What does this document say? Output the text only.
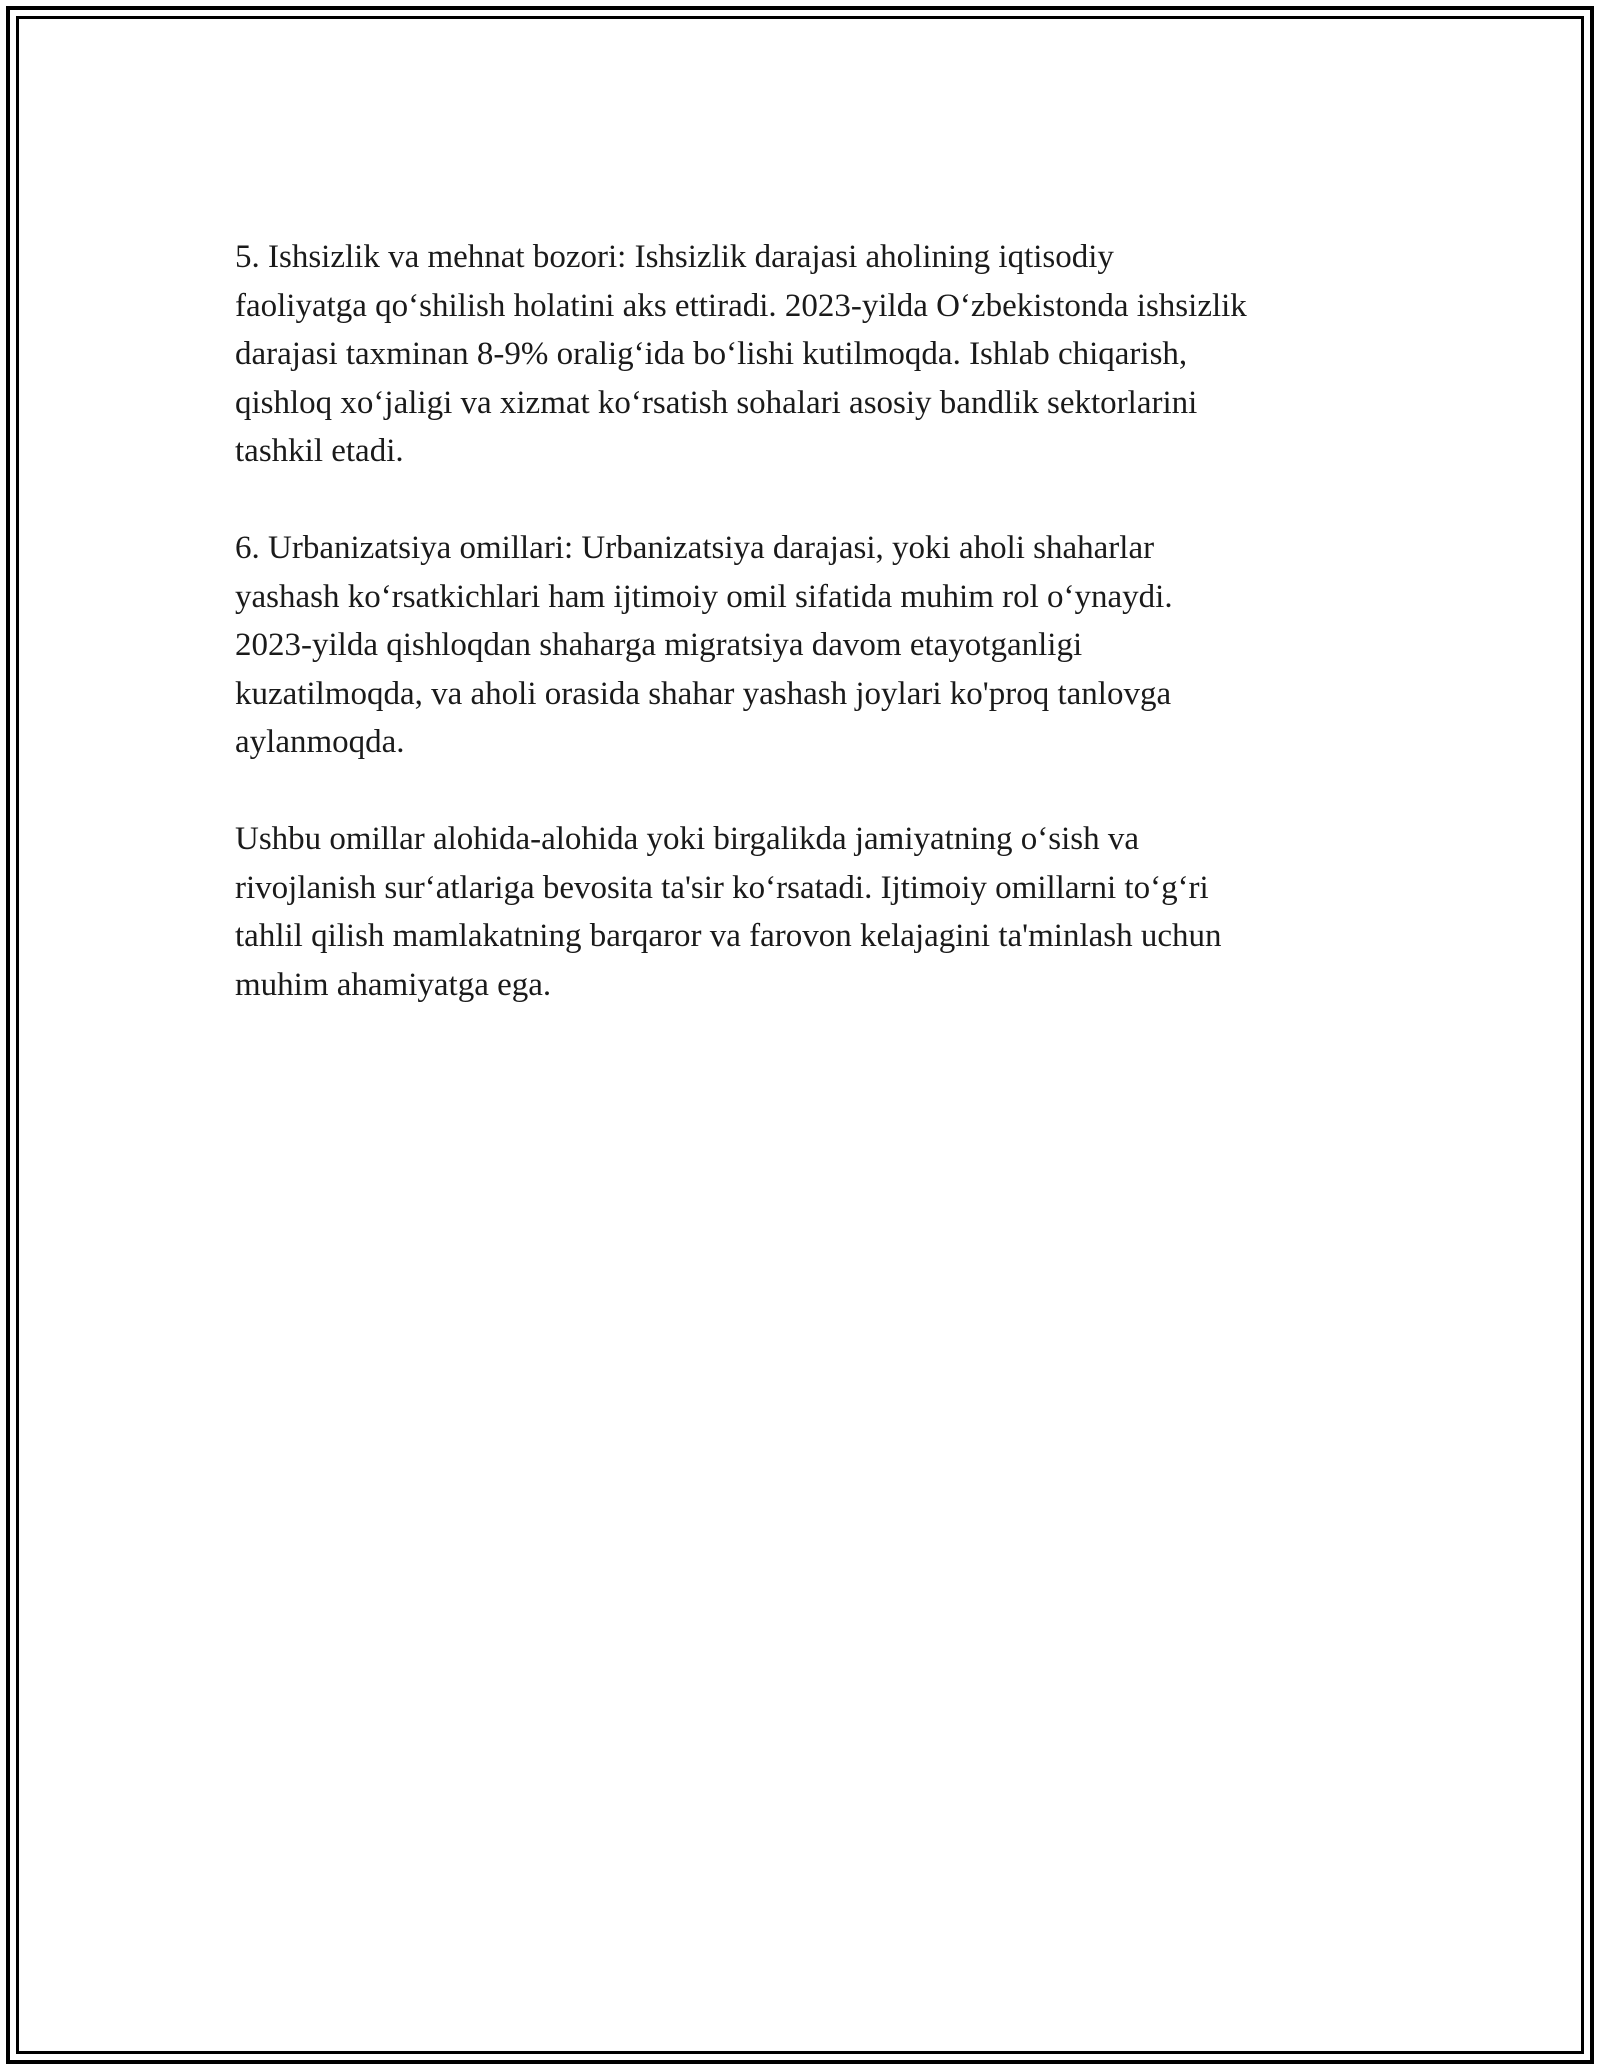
5. Ishsizlik va mehnat bozori: Ishsizlik darajasi aholining iqtisodiy
faoliyatga qo‘shilish holatini aks ettiradi. 2023-yilda O‘zbekistonda ishsizlik
darajasi taxminan 8-9% oralig‘ida bo‘lishi kutilmoqda. Ishlab chiqarish,
qishloq xo‘jaligi va xizmat ko‘rsatish sohalari asosiy bandlik sektorlarini
tashkil etadi.

6. Urbanizatsiya omillari: Urbanizatsiya darajasi, yoki aholi shaharlar
yashash ko‘rsatkichlari ham ijtimoiy omil sifatida muhim rol o‘ynaydi.
2023-yilda qishloqdan shaharga migratsiya davom etayotganligi
kuzatilmoqda, va aholi orasida shahar yashash joylari ko'proq tanlovga
aylanmoqda.

Ushbu omillar alohida-alohida yoki birgalikda jamiyatning o‘sish va
rivojlanish sur‘atlariga bevosita ta'sir ko‘rsatadi. Ijtimoiy omillarni to‘g‘ri
tahlil qilish mamlakatning barqaror va farovon kelajagini ta'minlash uchun
muhim ahamiyatga ega.
